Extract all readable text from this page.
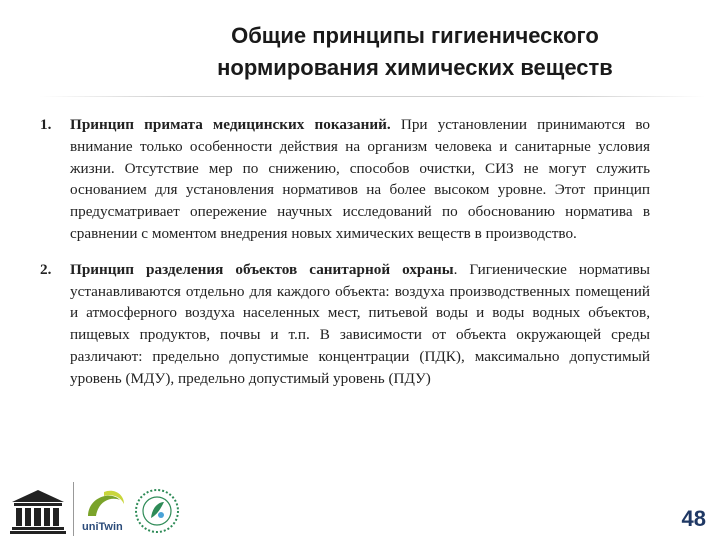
Общие принципы гигиенического
нормирования химических веществ
1.	Принцип примата медицинских показаний. При установлении принимаются во внимание только особенности действия на организм человека и санитарные условия жизни. Отсутствие мер по снижению, способов очистки, СИЗ не могут служить основанием для установления нормативов на более высоком уровне. Этот принцип предусматривает опережение научных исследований по обоснованию норматива в сравнении с моментом внедрения новых химических веществ в производство.
2.	Принцип разделения объектов санитарной охраны. Гигиенические нормативы устанавливаются отдельно для каждого объекта: воздуха производственных помещений и атмосферного воздуха населенных мест, питьевой воды и воды водных объектов, пищевых продуктов, почвы и т.п. В зависимости от объекта окружающей среды различают: предельно допустимые концентрации (ПДК), максимально допустимый уровень (МДУ), предельно допустимый уровень (ПДУ)
uniTwin	48
